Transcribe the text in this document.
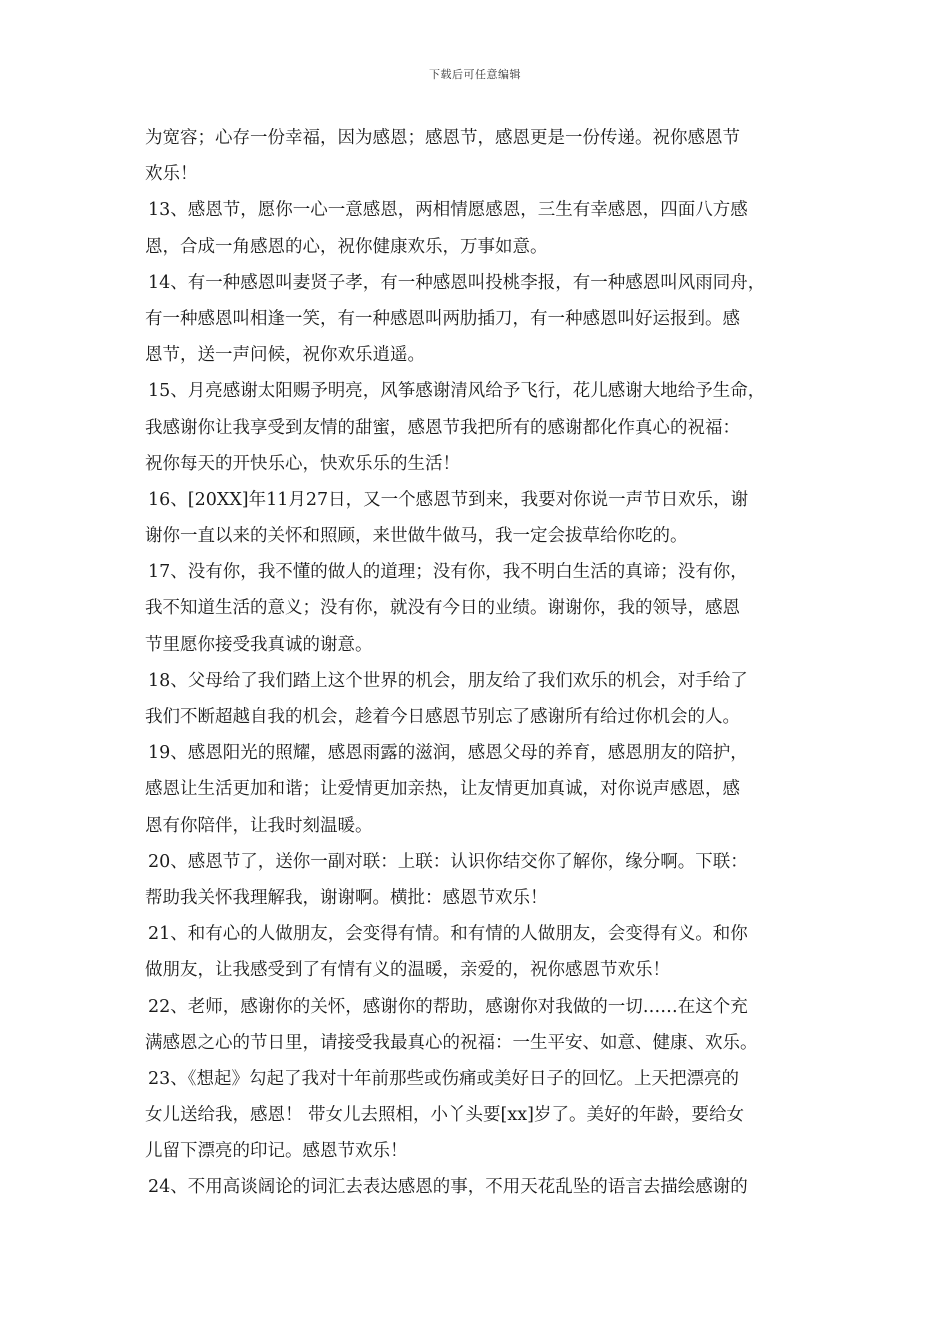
下载后可任意编辑
为宽容；心存一份幸福，因为感恩；感恩节，感恩更是一份传递。祝你感恩节
欢乐！
13、感恩节，愿你一心一意感恩，两相情愿感恩，三生有幸感恩，四面八方感
恩，合成一角感恩的心，祝你健康欢乐，万事如意。
14、有一种感恩叫妻贤子孝，有一种感恩叫投桃李报，有一种感恩叫风雨同舟，
有一种感恩叫相逢一笑，有一种感恩叫两肋插刀，有一种感恩叫好运报到。感
恩节，送一声问候，祝你欢乐逍遥。
15、月亮感谢太阳赐予明亮，风筝感谢清风给予飞行，花儿感谢大地给予生命，
我感谢你让我享受到友情的甜蜜，感恩节我把所有的感谢都化作真心的祝福：
祝你每天的开快乐心，快欢乐乐的生活！
16、[20XX]年11月27日，又一个感恩节到来，我要对你说一声节日欢乐，谢
谢你一直以来的关怀和照顾，来世做牛做马，我一定会拔草给你吃的。
17、没有你，我不懂的做人的道理；没有你，我不明白生活的真谛；没有你，
我不知道生活的意义；没有你，就没有今日的业绩。谢谢你，我的领导，感恩
节里愿你接受我真诚的谢意。
18、父母给了我们踏上这个世界的机会，朋友给了我们欢乐的机会，对手给了
我们不断超越自我的机会，趁着今日感恩节别忘了感谢所有给过你机会的人。
19、感恩阳光的照耀，感恩雨露的滋润，感恩父母的养育，感恩朋友的陪护，
感恩让生活更加和谐；让爱情更加亲热，让友情更加真诚，对你说声感恩，感
恩有你陪伴，让我时刻温暖。
20、感恩节了，送你一副对联：上联：认识你结交你了解你，缘分啊。下联：
帮助我关怀我理解我，谢谢啊。横批：感恩节欢乐！
21、和有心的人做朋友，会变得有情。和有情的人做朋友，会变得有义。和你
做朋友，让我感受到了有情有义的温暖，亲爱的，祝你感恩节欢乐！
22、老师，感谢你的关怀，感谢你的帮助，感谢你对我做的一切……在这个充
满感恩之心的节日里，请接受我最真心的祝福：一生平安、如意、健康、欢乐。
23、《想起》勾起了我对十年前那些或伤痛或美好日子的回忆。上天把漂亮的
女儿送给我，感恩！ 带女儿去照相，小丫头要[xx]岁了。美好的年龄，要给女
儿留下漂亮的印记。感恩节欢乐！
24、不用高谈阔论的词汇去表达感恩的事，不用天花乱坠的语言去描绘感谢的
